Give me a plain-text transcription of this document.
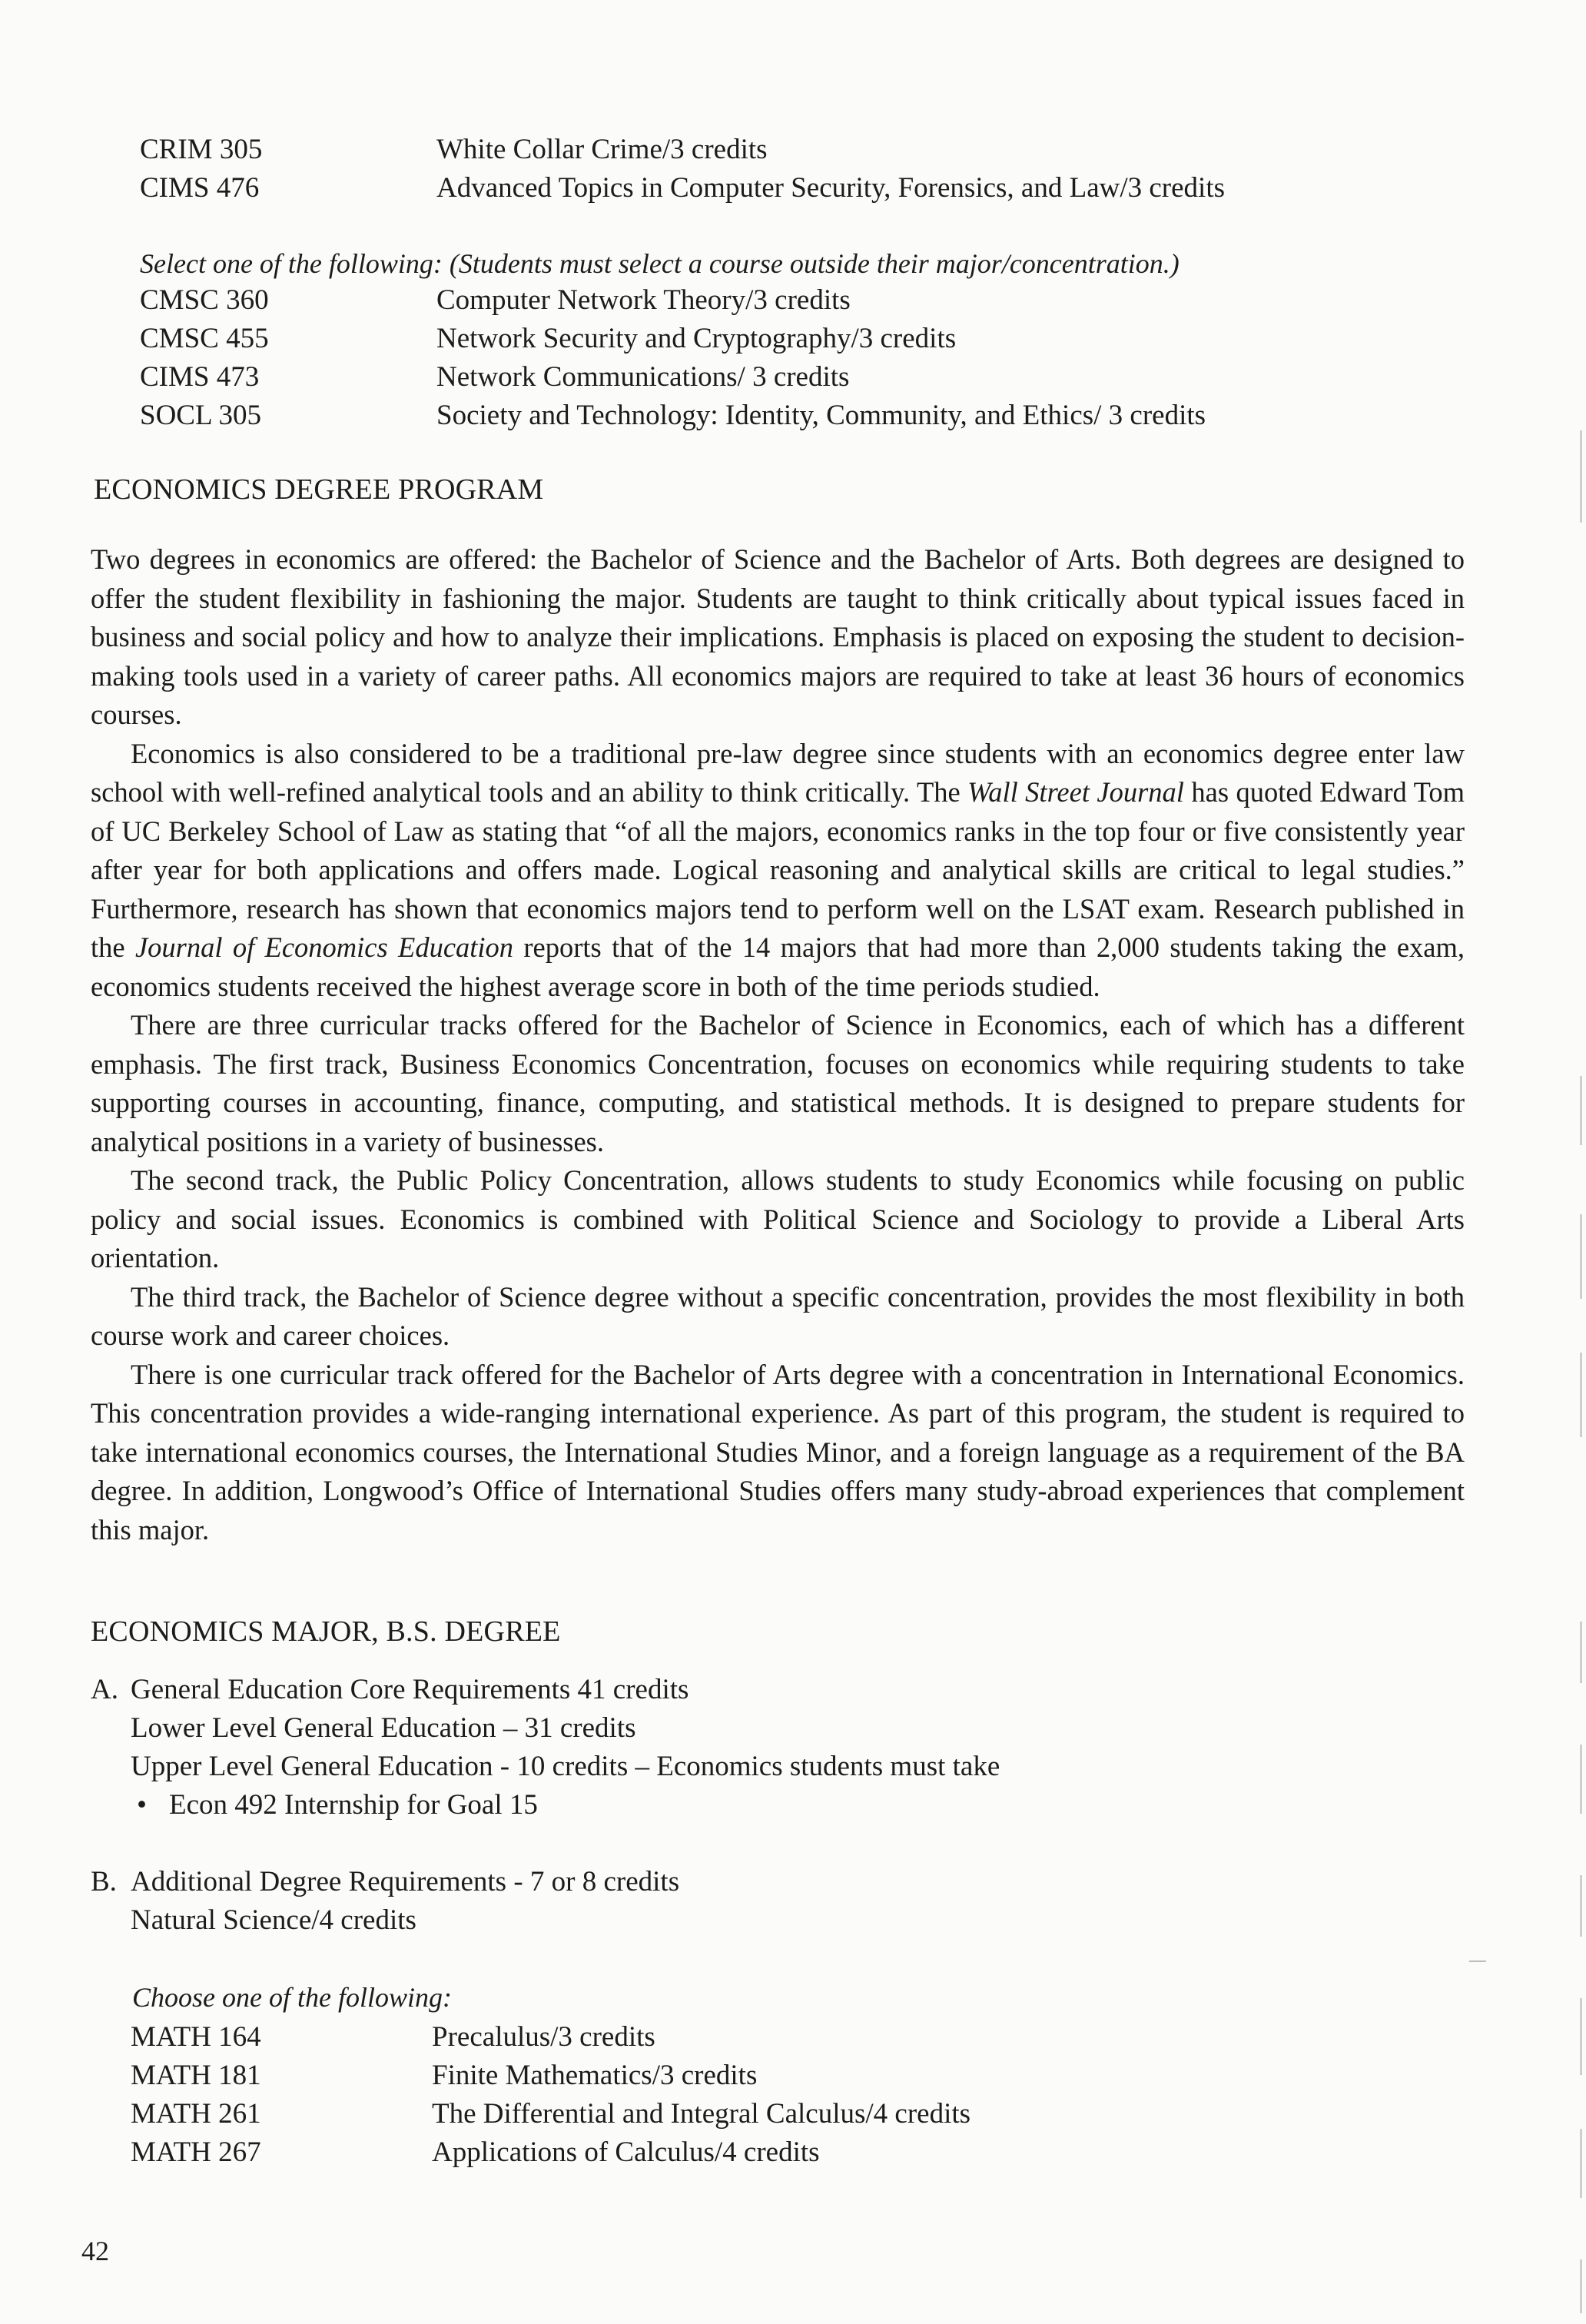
CRIM 305	White Collar Crime/3 credits
CIMS 476	Advanced Topics in Computer Security, Forensics, and Law/3 credits
Select one of the following: (Students must select a course outside their major/concentration.)
CMSC 360	Computer Network Theory/3 credits
CMSC 455	Network Security and Cryptography/3 credits
CIMS 473	Network Communications/ 3 credits
SOCL 305	Society and Technology: Identity, Community, and Ethics/ 3 credits
ECONOMICS DEGREE PROGRAM

Two degrees in economics are offered: the Bachelor of Science and the Bachelor of Arts. Both degrees are designed to offer the student flexibility in fashioning the major. Students are taught to think critically about typical issues faced in business and social policy and how to analyze their implications. Emphasis is placed on exposing the student to decision-making tools used in a variety of career paths. All economics majors are required to take at least 36 hours of economics courses.

Economics is also considered to be a traditional pre-law degree since students with an economics degree enter law school with well-refined analytical tools and an ability to think critically. The Wall Street Journal has quoted Edward Tom of UC Berkeley School of Law as stating that “of all the majors, economics ranks in the top four or five consistently year after year for both applications and offers made. Logical reasoning and analytical skills are critical to legal studies.” Furthermore, research has shown that economics majors tend to perform well on the LSAT exam. Research published in the Journal of Economics Education reports that of the 14 majors that had more than 2,000 students taking the exam, economics students received the highest average score in both of the time periods studied.

There are three curricular tracks offered for the Bachelor of Science in Economics, each of which has a different emphasis. The first track, Business Economics Concentration, focuses on economics while requiring students to take supporting courses in accounting, finance, computing, and statistical methods. It is designed to prepare students for analytical positions in a variety of businesses.

The second track, the Public Policy Concentration, allows students to study Economics while focusing on public policy and social issues. Economics is combined with Political Science and Sociology to provide a Liberal Arts orientation.

The third track, the Bachelor of Science degree without a specific concentration, provides the most flexibility in both course work and career choices.

There is one curricular track offered for the Bachelor of Arts degree with a concentration in International Economics. This concentration provides a wide-ranging international experience. As part of this program, the student is required to take international economics courses, the International Studies Minor, and a foreign language as a requirement of the BA degree. In addition, Longwood’s Office of International Studies offers many study-abroad experiences that complement this major.

ECONOMICS MAJOR, B.S. DEGREE
A. General Education Core Requirements 41 credits
Lower Level General Education – 31 credits
Upper Level General Education - 10 credits – Economics students must take
• Econ 492 Internship for Goal 15
B. Additional Degree Requirements - 7 or 8 credits
Natural Science/4 credits
Choose one of the following:
MATH 164	Precalulus/3 credits
MATH 181	Finite Mathematics/3 credits
MATH 261	The Differential and Integral Calculus/4 credits
MATH 267	Applications of Calculus/4 credits
42
